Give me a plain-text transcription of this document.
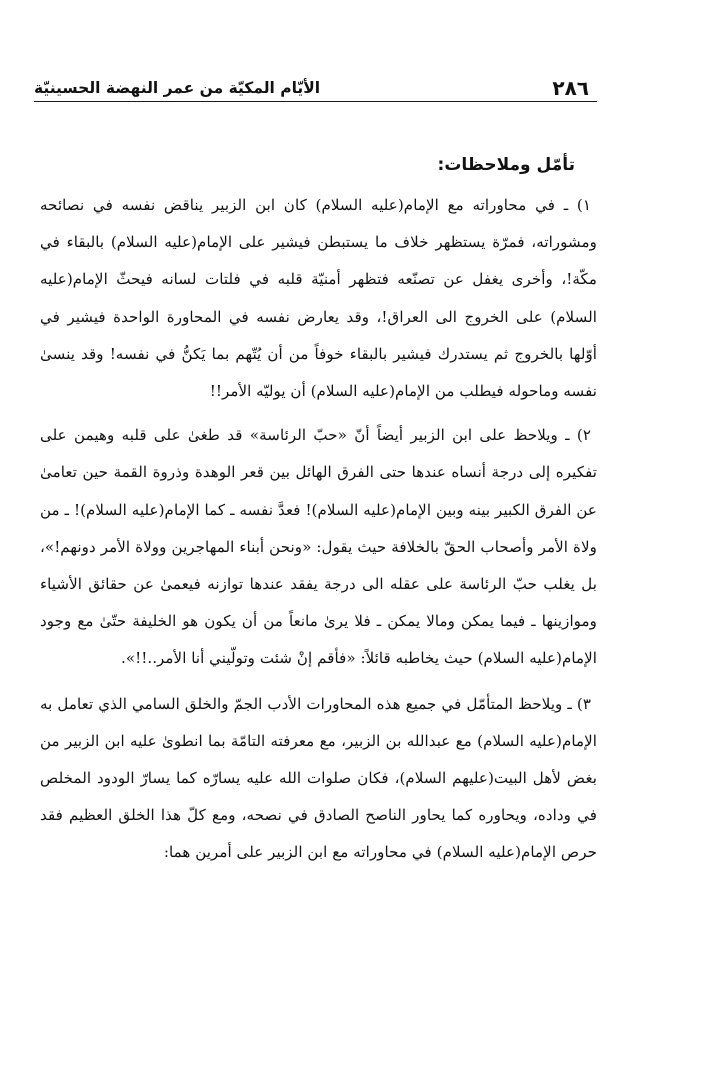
٢٨٦
الأيّام المكيّة من عمر النهضة الحسينيّة
تأمّل وملاحظات:

١) ـ في محاوراته مع الإمام(عليه السلام) كان ابن الزبير يناقض نفسه في نصائحه ومشوراته، فمرّة يستظهر خلاف ما يستبطن فيشير على الإمام(عليه السلام) بالبقاء في مكّة!، وأخرى يغفل عن تصنّعه فتظهر أمنيّة قلبه في فلتات لسانه فيحثّ الإمام(عليه السلام) على الخروج الى العراق!، وقد يعارض نفسه في المحاورة الواحدة فيشير في أوّلها بالخروج ثم يستدرك فيشير بالبقاء خوفاً من أن يُتّهم بما يَكنُّ في نفسه! وقد ينسىٰ نفسه وماحوله فيطلب من الإمام(عليه السلام) أن يوليّه الأمر!!

٢) ـ ويلاحظ على ابن الزبير أيضاً أنّ «حبّ الرئاسة» قد طغىٰ على قلبه وهيمن على تفكيره إلى درجة أنساه عندها حتى الفرق الهائل بين قعر الوهدة وذروة القمة حين تعامىٰ عن الفرق الكبير بينه وبين الإمام(عليه السلام)! فعدَّ نفسه ـ كما الإمام(عليه السلام)! ـ من ولاة الأمر وأصحاب الحقّ بالخلافة حيث يقول: «ونحن أبناء المهاجرين وولاة الأمر دونهم!»، بل يغلب حبّ الرئاسة على عقله الى درجة يفقد عندها توازنه فيعمىٰ عن حقائق الأشياء وموازينها ـ فيما يمكن ومالا يمكن ـ فلا يرىٰ مانعاً من أن يكون هو الخليفة حتّىٰ مع وجود الإمام(عليه السلام) حيث يخاطبه قائلاً: «فأقم إنْ شئت وتولّيني أنا الأمر..!!».

٣) ـ ويلاحظ المتأمّل في جميع هذه المحاورات الأدب الجمّ والخلق السامي الذي تعامل به الإمام(عليه السلام) مع عبدالله بن الزبير، مع معرفته التامّة بما انطوىٰ عليه ابن الزبير من بغض لأهل البيت(عليهم السلام)، فكان صلوات الله عليه يسارّه كما يسارّ الودود المخلص في وداده، ويحاوره كما يحاور الناصح الصادق في نصحه، ومع كلّ هذا الخلق العظيم فقد حرص الإمام(عليه السلام) في محاوراته مع ابن الزبير على أمرين هما:
